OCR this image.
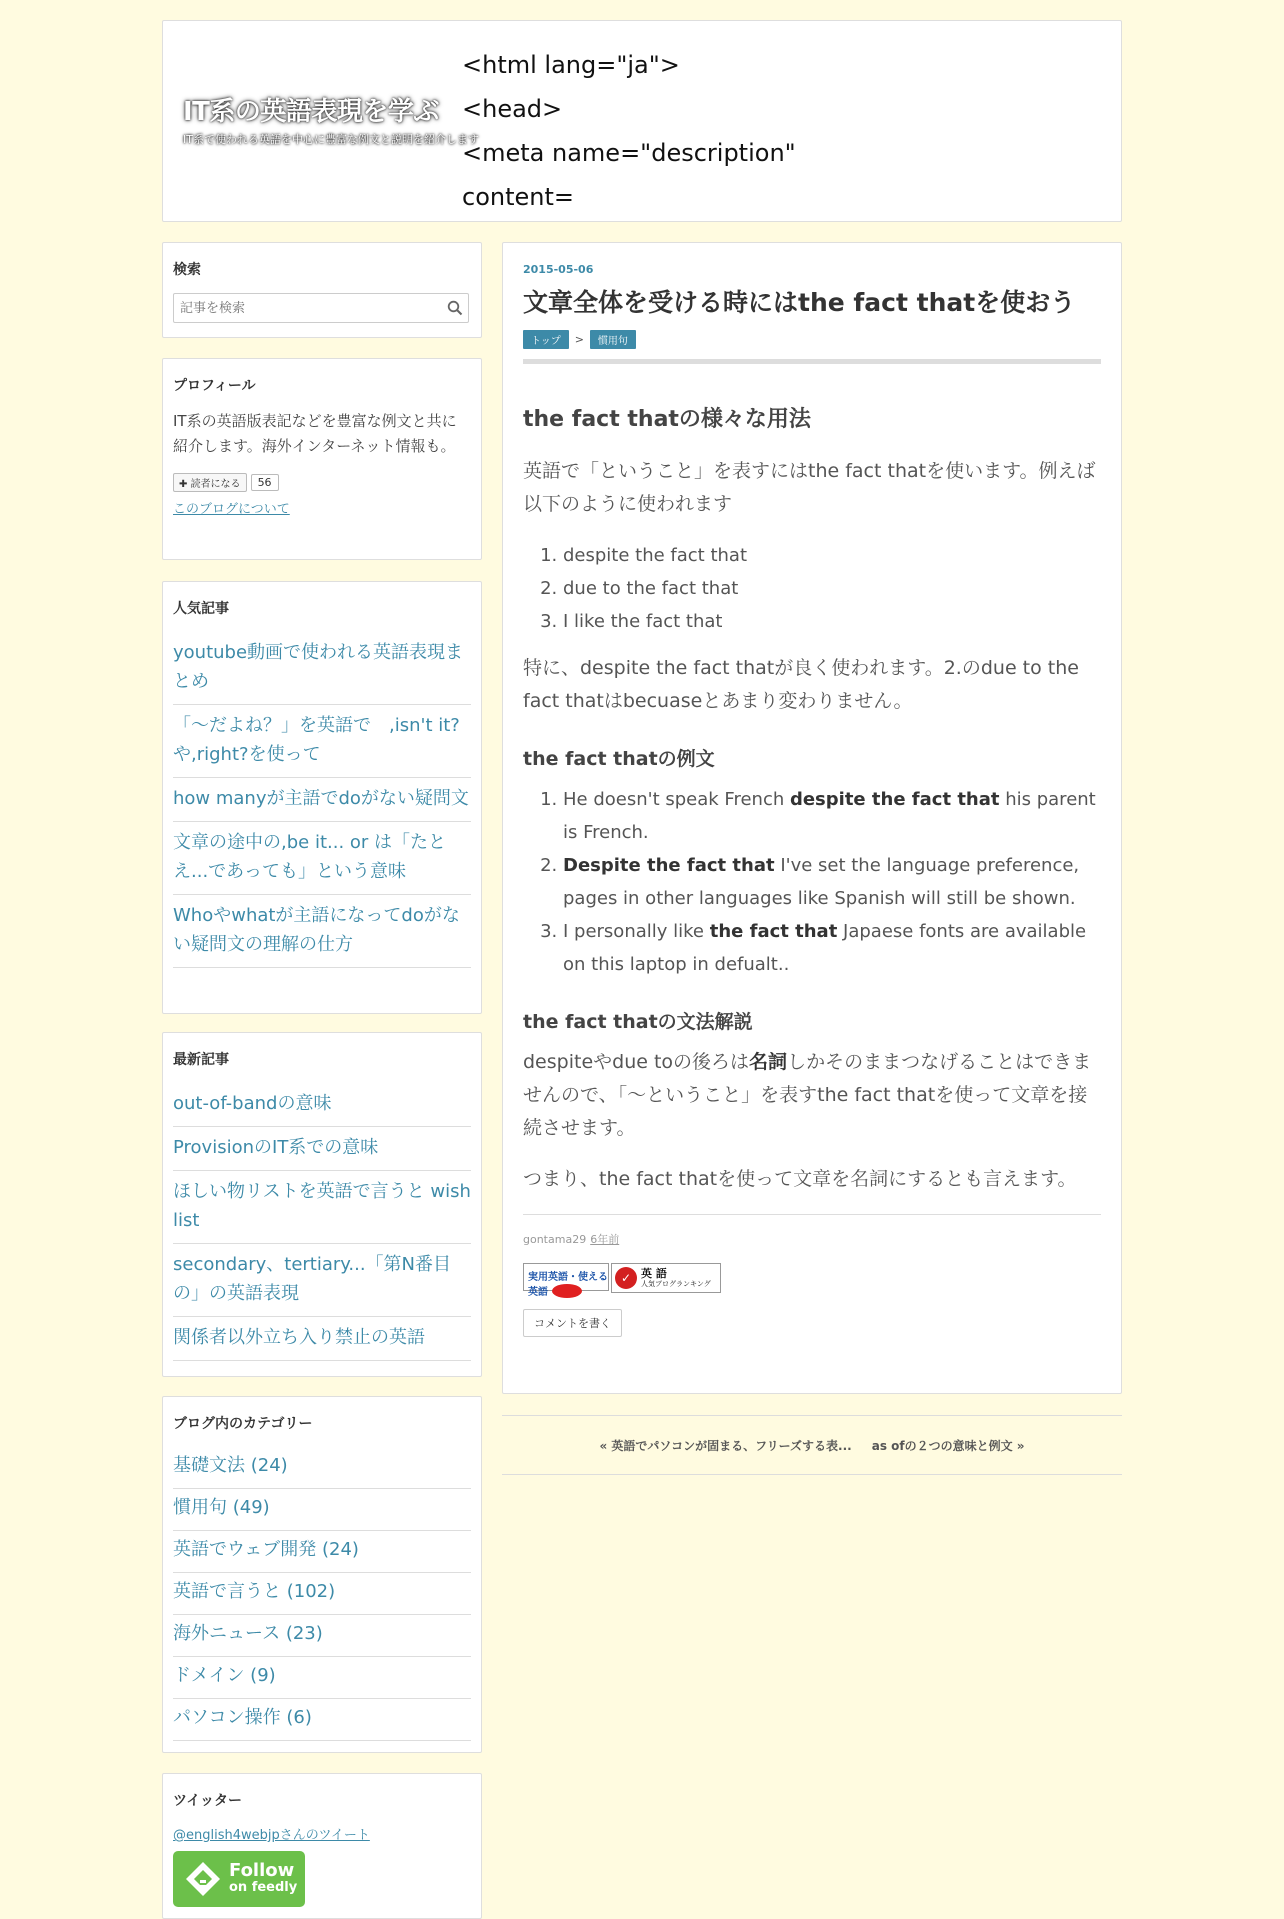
IT系の英語表現を学ぶ

IT系で使われる英語を中心に豊富な例文と説明を紹介します

<html lang="ja">
<head>
<meta name="description"
content=
検索
記事を検索
プロフィール

IT系の英語版表記などを豊富な例文と共に紹介します。海外インターネット情報も。

✚ 読者になる	56
このブログについて
人気記事
youtube動画で使われる英語表現まとめ
「～だよね？」を英語で　,isn't it?や,right?を使って
how manyが主語でdoがない疑問文
文章の途中の,be it... or は「たとえ...であっても」という意味
Whoやwhatが主語になってdoがない疑問文の理解の仕方
最新記事
out-of-bandの意味
ProvisionのIT系での意味
ほしい物リストを英語で言うと wish list
secondary、tertiary...「第N番目の」の英語表現
関係者以外立ち入り禁止の英語
ブログ内のカテゴリー
基礎文法 (24)
慣用句 (49)
英語でウェブ開発 (24)
英語で言うと (102)
海外ニュース (23)
ドメイン (9)
パソコン操作 (6)
ツイッター
@english4webjpさんのツイート
Follow
on feedly
2015-05-06
文章全体を受ける時にはthe fact thatを使おう
トップ	>	慣用句
the fact thatの様々な用法

英語で「ということ」を表すにはthe fact thatを使います。例えば以下のように使われます

1. despite the fact that
2. due to the fact that
3. I like the fact that

特に、despite the fact thatが良く使われます。2.のdue to the fact thatはbecuaseとあまり変わりません。

the fact thatの例文
1. He doesn't speak French despite the fact that his parent is French.
2. Despite the fact that I've set the language preference, pages in other languages like Spanish will still be shown.
3. I personally like the fact that Japaese fonts are available on this laptop in defualt..
the fact thatの文法解説

despiteやdue toの後ろは名詞しかそのままつなげることはできませんので、「～ということ」を表すthe fact thatを使って文章を接続させます。

つまり、the fact thatを使って文章を名詞にするとも言えます。

gontama29 6年前
実用英語・使える英語
✓ 英 語
人気ブログランキング
コメントを書く
« 英語でパソコンが固まる、フリーズする表... as ofの２つの意味と例文 »
